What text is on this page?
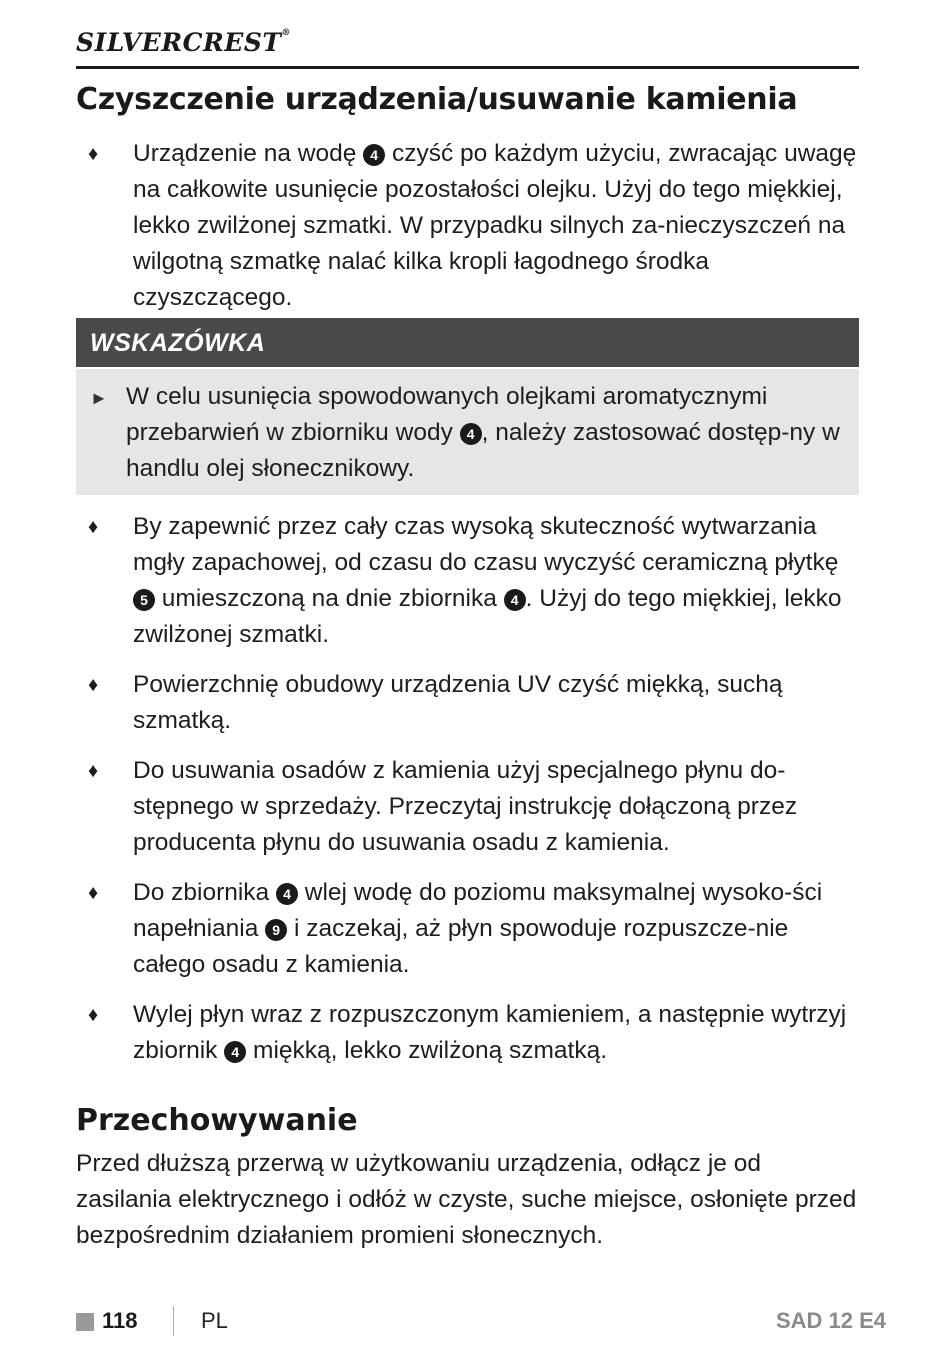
SILVERCREST®
Czyszczenie urządzenia/usuwanie kamienia
♦ Urządzenie na wodę 4 czyść po każdym użyciu, zwracając uwagę na całkowite usunięcie pozostałości olejku. Użyj do tego miękkiej, lekko zwilżonej szmatki. W przypadku silnych za-nieczyszczeń na wilgotną szmatkę nalać kilka kropli łagodnego środka czyszczącego.
WSKAZÓWKA
► W celu usunięcia spowodowanych olejkami aromatycznymi przebarwień w zbiorniku wody 4 , należy zastosować dostęp-ny w handlu olej słonecznikowy.
♦ By zapewnić przez cały czas wysoką skuteczność wytwarzania mgły zapachowej, od czasu do czasu wyczyść ceramiczną płytkę 5 umieszczoną na dnie zbiornika 4 . Użyj do tego miękkiej, lekko zwilżonej szmatki.
♦ Powierzchnię obudowy urządzenia UV czyść miękką, suchą szmatką.
♦ Do usuwania osadów z kamienia użyj specjalnego płynu do-stępnego w sprzedaży. Przeczytaj instrukcję dołączoną przez producenta płynu do usuwania osadu z kamienia.
♦ Do zbiornika 4 wlej wodę do poziomu maksymalnej wysoko-ści napełniania 9 i zaczekaj, aż płyn spowoduje rozpuszcze-nie całego osadu z kamienia.
♦ Wylej płyn wraz z rozpuszczonym kamieniem, a następnie wytrzyj zbiornik 4 miękką, lekko zwilżoną szmatką.
Przechowywanie

Przed dłuższą przerwą w użytkowaniu urządzenia, odłącz je od zasilania elektrycznego i odłóż w czyste, suche miejsce, osłonięte przed bezpośrednim działaniem promieni słonecznych.

118	PL	SAD 12 E4
